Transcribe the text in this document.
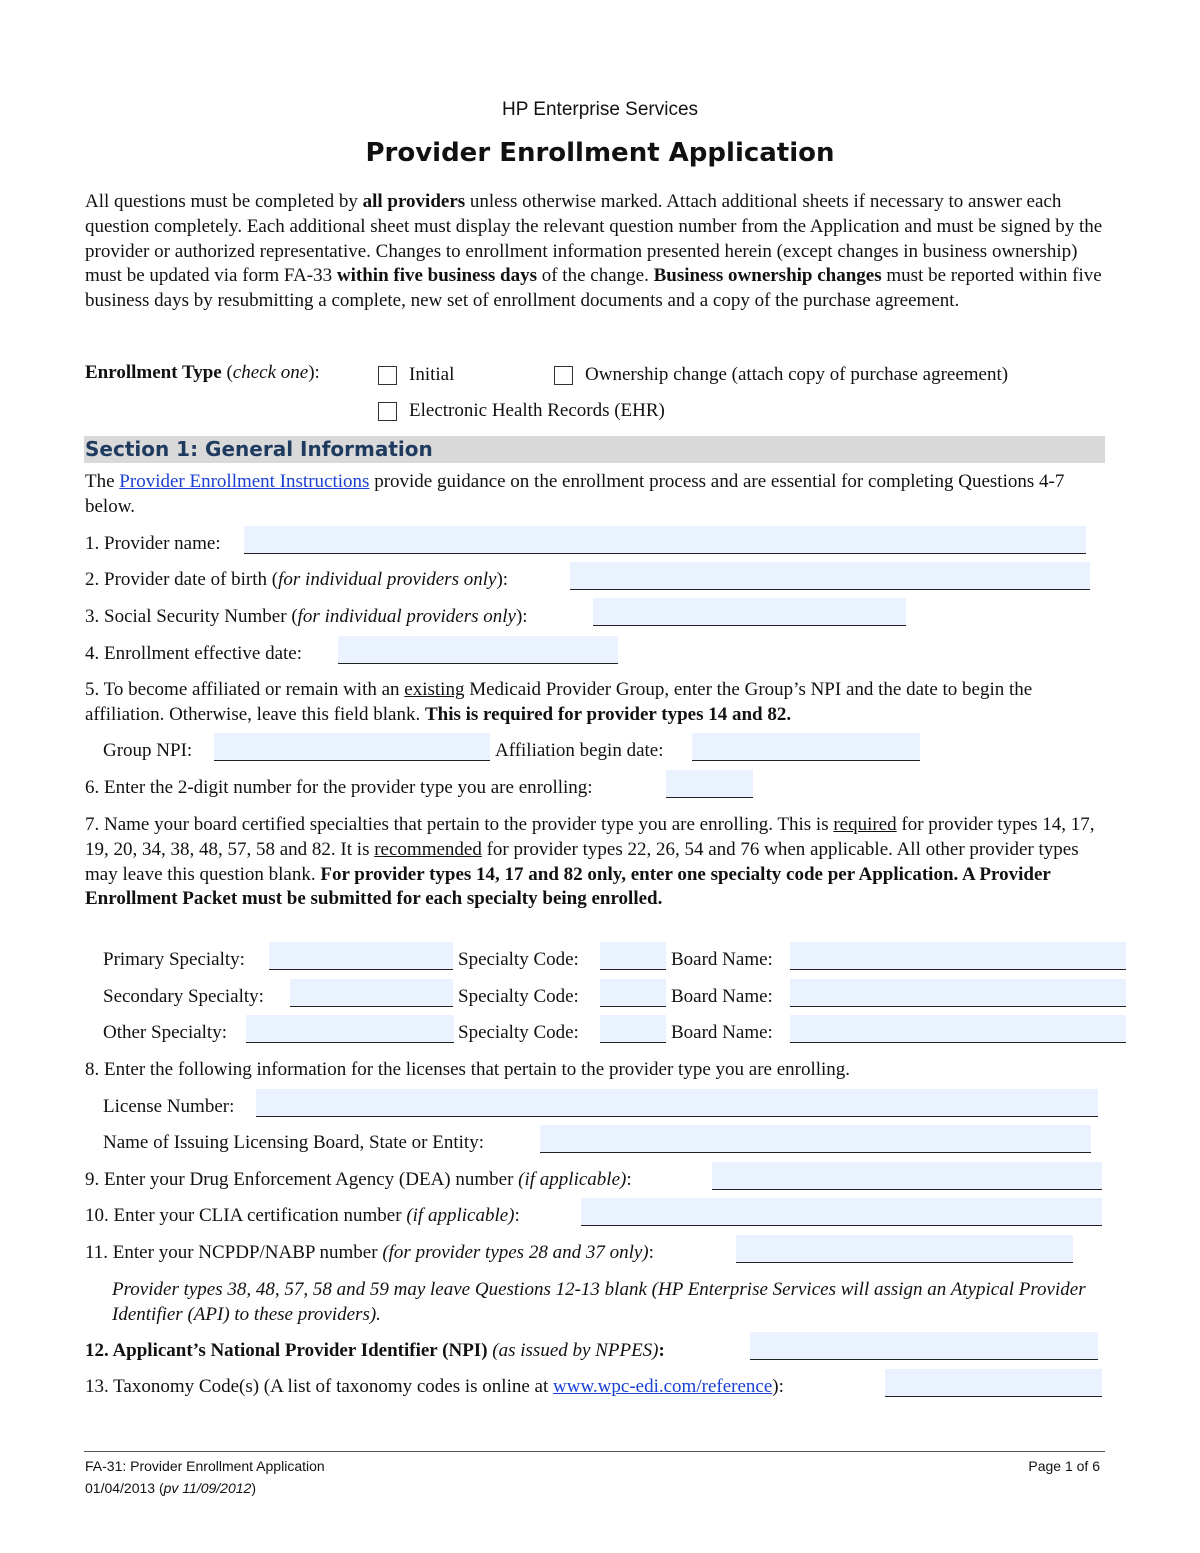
HP Enterprise Services
Provider Enrollment Application

All questions must be completed by all providers unless otherwise marked. Attach additional sheets if necessary to answer each question completely. Each additional sheet must display the relevant question number from the Application and must be signed by the provider or authorized representative. Changes to enrollment information presented herein (except changes in business ownership) must be updated via form FA-33 within five business days of the change. Business ownership changes must be reported within five business days by resubmitting a complete, new set of enrollment documents and a copy of the purchase agreement.

Enrollment Type (check one):	Initial	Ownership change (attach copy of purchase agreement)
Electronic Health Records (EHR)
Section 1: General Information
The Provider Enrollment Instructions provide guidance on the enrollment process and are essential for completing Questions 4-7 below.
1. Provider name:
2. Provider date of birth (for individual providers only):
3. Social Security Number (for individual providers only):
4. Enrollment effective date:
5. To become affiliated or remain with an existing Medicaid Provider Group, enter the Group’s NPI and the date to begin the affiliation. Otherwise, leave this field blank. This is required for provider types 14 and 82.
Group NPI:	Affiliation begin date:
6. Enter the 2-digit number for the provider type you are enrolling:
7. Name your board certified specialties that pertain to the provider type you are enrolling. This is required for provider types 14, 17, 19, 20, 34, 38, 48, 57, 58 and 82. It is recommended for provider types 22, 26, 54 and 76 when applicable. All other provider types may leave this question blank. For provider types 14, 17 and 82 only, enter one specialty code per Application. A Provider Enrollment Packet must be submitted for each specialty being enrolled.
Primary Specialty:	Specialty Code:	Board Name:
Secondary Specialty:	Specialty Code:	Board Name:
Other Specialty:	Specialty Code:	Board Name:
8. Enter the following information for the licenses that pertain to the provider type you are enrolling.
License Number:
Name of Issuing Licensing Board, State or Entity:
9. Enter your Drug Enforcement Agency (DEA) number (if applicable):
10. Enter your CLIA certification number (if applicable):
11. Enter your NCPDP/NABP number (for provider types 28 and 37 only):
Provider types 38, 48, 57, 58 and 59 may leave Questions 12-13 blank (HP Enterprise Services will assign an Atypical Provider Identifier (API) to these providers).
12. Applicant’s National Provider Identifier (NPI) (as issued by NPPES):
13. Taxonomy Code(s) (A list of taxonomy codes is online at www.wpc-edi.com/reference):
FA-31: Provider Enrollment Application
01/04/2013 (pv 11/09/2012)
Page 1 of 6
